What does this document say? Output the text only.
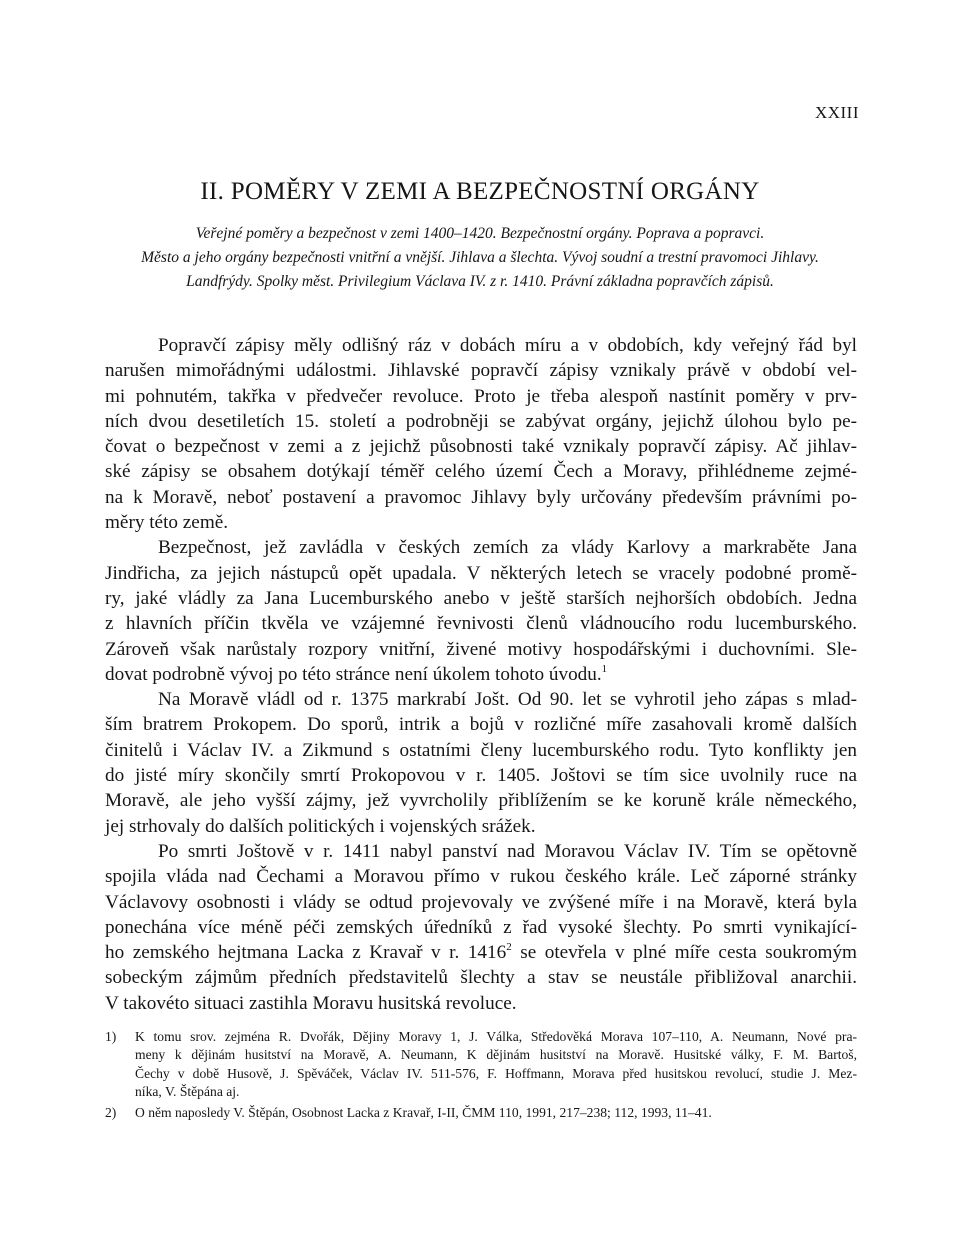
XXIII
II. POMĚRY V ZEMI A BEZPEČNOSTNÍ ORGÁNY
Veřejné poměry a bezpečnost v zemi 1400–1420. Bezpečnostní orgány. Poprava a popravci.
Město a jeho orgány bezpečnosti vnitřní a vnější. Jihlava a šlechta. Vývoj soudní a trestní pravomoci Jihlavy.
Landfrýdy. Spolky měst. Privilegium Václava IV. z r. 1410. Právní základna popravčích zápisů.
Popravčí zápisy měly odlišný ráz v dobách míru a v obdobích, kdy veřejný řád byl
narušen mimořádnými událostmi. Jihlavské popravčí zápisy vznikaly právě v období vel-
mi pohnutém, takřka v předvečer revoluce. Proto je třeba alespoň nastínit poměry v prv-
ních dvou desetiletích 15. století a podrobněji se zabývat orgány, jejichž úlohou bylo pe-
čovat o bezpečnost v zemi a z jejichž působnosti také vznikaly popravčí zápisy. Ač jihlav-
ské zápisy se obsahem dotýkají téměř celého území Čech a Moravy, přihlédneme zejmé-
na k Moravě, neboť postavení a pravomoc Jihlavy byly určovány především právními po-
měry této země.
Bezpečnost, jež zavládla v českých zemích za vlády Karlovy a markraběte Jana
Jindřicha, za jejich nástupců opět upadala. V některých letech se vracely podobné promě-
ry, jaké vládly za Jana Lucemburského anebo v ještě starších nejhorších obdobích. Jedna
z hlavních příčin tkvěla ve vzájemné řevnivosti členů vládnoucího rodu lucemburského.
Zároveň však narůstaly rozpory vnitřní, živené motivy hospodářskými i duchovními. Sle-
dovat podrobně vývoj po této stránce není úkolem tohoto úvodu.$^1$
Na Moravě vládl od r. 1375 markrabí Jošt. Od 90. let se vyhrotil jeho zápas s mlad-
ším bratrem Prokopem. Do sporů, intrik a bojů v rozličné míře zasahovali kromě dalších
činitelů i Václav IV. a Zikmund s ostatními členy lucemburského rodu. Tyto konflikty jen
do jisté míry skončily smrtí Prokopovou v r. 1405. Joštovi se tím sice uvolnily ruce na
Moravě, ale jeho vyšší zájmy, jež vyvrcholily přiblížením se ke koruně krále německého,
jej strhovaly do dalších politických i vojenských srážek.
Po smrti Joštově v r. 1411 nabyl panství nad Moravou Václav IV. Tím se opětovně
spojila vláda nad Čechami a Moravou přímo v rukou českého krále. Leč záporné stránky
Václavovy osobnosti i vlády se odtud projevovaly ve zvýšené míře i na Moravě, která byla
ponechána více méně péči zemských úředníků z řad vysoké šlechty. Po smrti vynikající-
ho zemského hejtmana Lacka z Kravař v r. 1416$^2$ se otevřela v plné míře cesta soukromým
sobeckým zájmům předních představitelů šlechty a stav se neustále přibližoval anarchii.
V takovéto situaci zastihla Moravu husitská revoluce.
1) K tomu srov. zejména R. Dvořák, Dějiny Moravy 1, J. Válka, Středověká Morava 107–110, A. Neumann, Nové pra-
meny k dějinám husitství na Moravě, A. Neumann, K dějinám husitství na Moravě. Husitské války, F. M. Bartoš,
Čechy v době Husově, J. Spěváček, Václav IV. 511-576, F. Hoffmann, Morava před husitskou revolucí, studie J. Mez-
níka, V. Štěpána aj.
2) O něm naposledy V. Štěpán, Osobnost Lacka z Kravař, I-II, ČMM 110, 1991, 217–238; 112, 1993, 11–41.
